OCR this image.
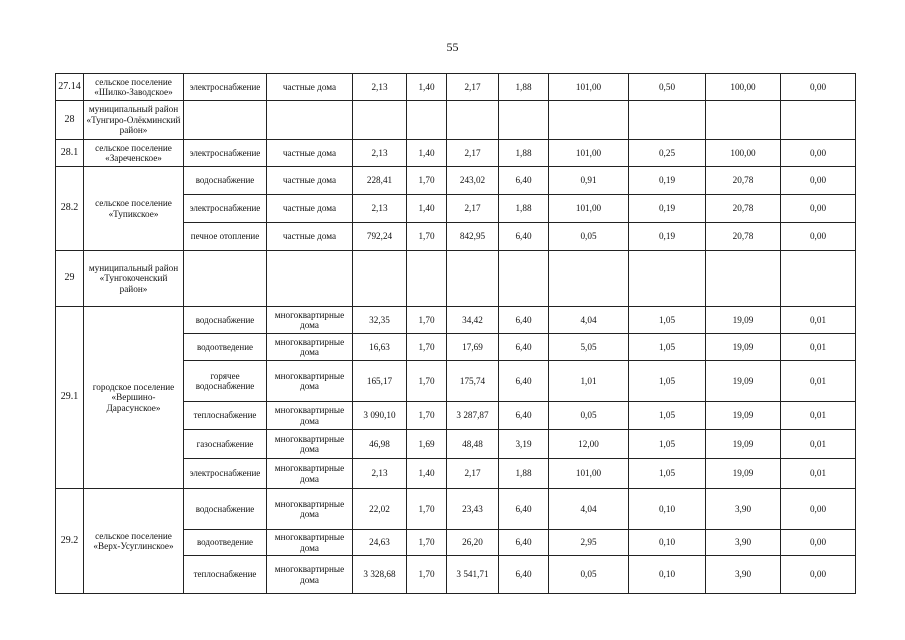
55
27.14	сельское поселение «Шилко-Заводское»	электроснабжение	частные дома	2,13	1,40	2,17	1,88	101,00	0,50	100,00	0,00
28	муниципальный район «Тунгиро-Олёкминский район»										
28.1	сельское поселение «Зареченское»	электроснабжение	частные дома	2,13	1,40	2,17	1,88	101,00	0,25	100,00	0,00
28.2	сельское поселение «Тупикское»	водоснабжение	частные дома	228,41	1,70	243,02	6,40	0,91	0,19	20,78	0,00
		электроснабжение	частные дома	2,13	1,40	2,17	1,88	101,00	0,19	20,78	0,00
		печное отопление	частные дома	792,24	1,70	842,95	6,40	0,05	0,19	20,78	0,00
29	муниципальный район «Тунгокоченский район»										
29.1	городское поселение «Вершино-Дарасунское»	водоснабжение	многоквартирные дома	32,35	1,70	34,42	6,40	4,04	1,05	19,09	0,01
		водоотведение	многоквартирные дома	16,63	1,70	17,69	6,40	5,05	1,05	19,09	0,01
		горячее водоснабжение	многоквартирные дома	165,17	1,70	175,74	6,40	1,01	1,05	19,09	0,01
		теплоснабжение	многоквартирные дома	3 090,10	1,70	3 287,87	6,40	0,05	1,05	19,09	0,01
		газоснабжение	многоквартирные дома	46,98	1,69	48,48	3,19	12,00	1,05	19,09	0,01
		электроснабжение	многоквартирные дома	2,13	1,40	2,17	1,88	101,00	1,05	19,09	0,01
29.2	сельское поселение «Верх-Усуглинское»	водоснабжение	многоквартирные дома	22,02	1,70	23,43	6,40	4,04	0,10	3,90	0,00
		водоотведение	многоквартирные дома	24,63	1,70	26,20	6,40	2,95	0,10	3,90	0,00
		теплоснабжение	многоквартирные дома	3 328,68	1,70	3 541,71	6,40	0,05	0,10	3,90	0,00
